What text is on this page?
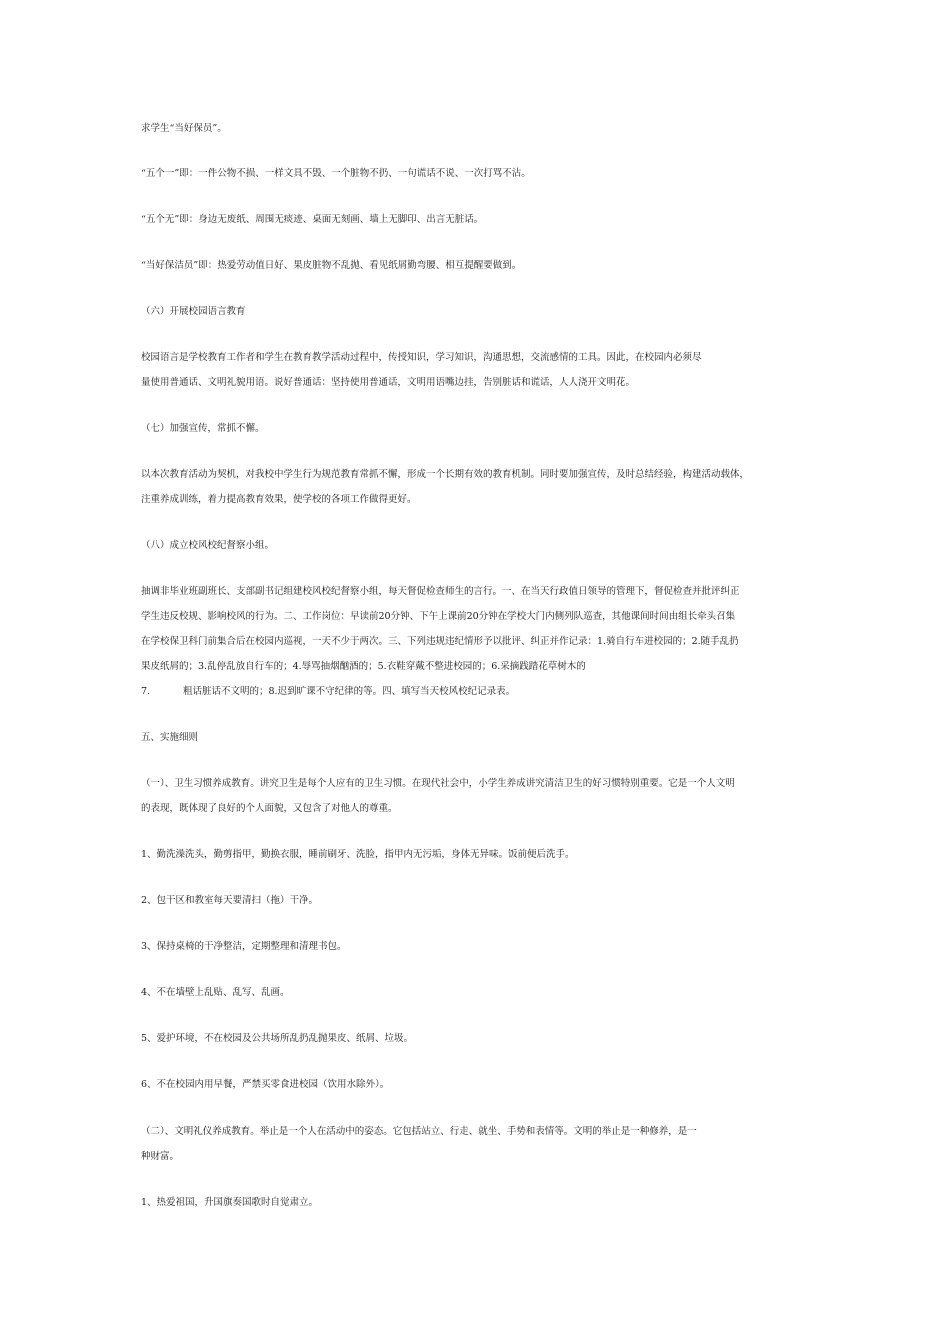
求学生“当好保员”。
“五个一”即：一件公物不损、一样文具不毁、一个脏物不扔、一句谎话不说、一次打骂不沾。
“五个无”即：身边无废纸、周围无痰迹、桌面无刻画、墙上无脚印、出言无脏话。
“当好保洁员”即：热爱劳动值日好、果皮脏物不乱抛、看见纸屑勤弯腰、相互提醒要做到。
（六）开展校园语言教育
校园语言是学校教育工作者和学生在教育教学活动过程中，传授知识，学习知识，沟通思想，交流感情的工具。因此，在校园内必须尽
量使用普通话、文明礼貌用语。说好普通话：坚持使用普通话，文明用语嘴边挂，告别脏话和谎话，人人浇开文明花。
（七）加强宣传，常抓不懈。
以本次教育活动为契机，对我校中学生行为规范教育常抓不懈，形成一个长期有效的教育机制。同时要加强宣传，及时总结经验，构建活动载体，
注重养成训练，着力提高教育效果，使学校的各项工作做得更好。
（八）成立校风校纪督察小组。
抽调非毕业班副班长、支部副书记组建校风校纪督察小组，每天督促检查师生的言行。一、在当天行政值日领导的管理下，督促检查并批评纠正
学生违反校规、影响校风的行为。二、工作岗位：早读前20分钟、下午上课前20分钟在学校大门内侧列队巡查，其他课间时间由组长牵头召集
在学校保卫科门前集合后在校园内巡视，一天不少于两次。三、下列违规违纪情形予以批评、纠正并作记录：1.骑自行车进校园的；2.随手乱扔
果皮纸屑的；3.乱停乱放自行车的；4.辱骂抽烟酗酒的；5.衣鞋穿戴不整进校园的；6.采摘践踏花草树木的
7.	粗话脏话不文明的；8.迟到旷课不守纪律的等。四、填写当天校风校纪记录表。
五、实施细则
（一）、卫生习惯养成教育。讲究卫生是每个人应有的卫生习惯。在现代社会中，小学生养成讲究清洁卫生的好习惯特别重要。它是一个人文明
的表现，既体现了良好的个人面貌，又包含了对他人的尊重。
1、勤洗澡洗头，勤剪指甲，勤换衣服，睡前刷牙、洗脸，指甲内无污垢，身体无异味。饭前便后洗手。
2、包干区和教室每天要清扫（拖）干净。
3、保持桌椅的干净整洁，定期整理和清理书包。
4、不在墙壁上乱贴、乱写、乱画。
5、爱护环境，不在校园及公共场所乱扔乱抛果皮、纸屑、垃圾。
6、不在校园内用早餐，严禁买零食进校园（饮用水除外）。
（二）、文明礼仪养成教育。举止是一个人在活动中的姿态。它包括站立、行走、就坐、手势和表情等。文明的举止是一种修养，是一
种财富。
1、热爱祖国，升国旗奏国歌时自觉肃立。
